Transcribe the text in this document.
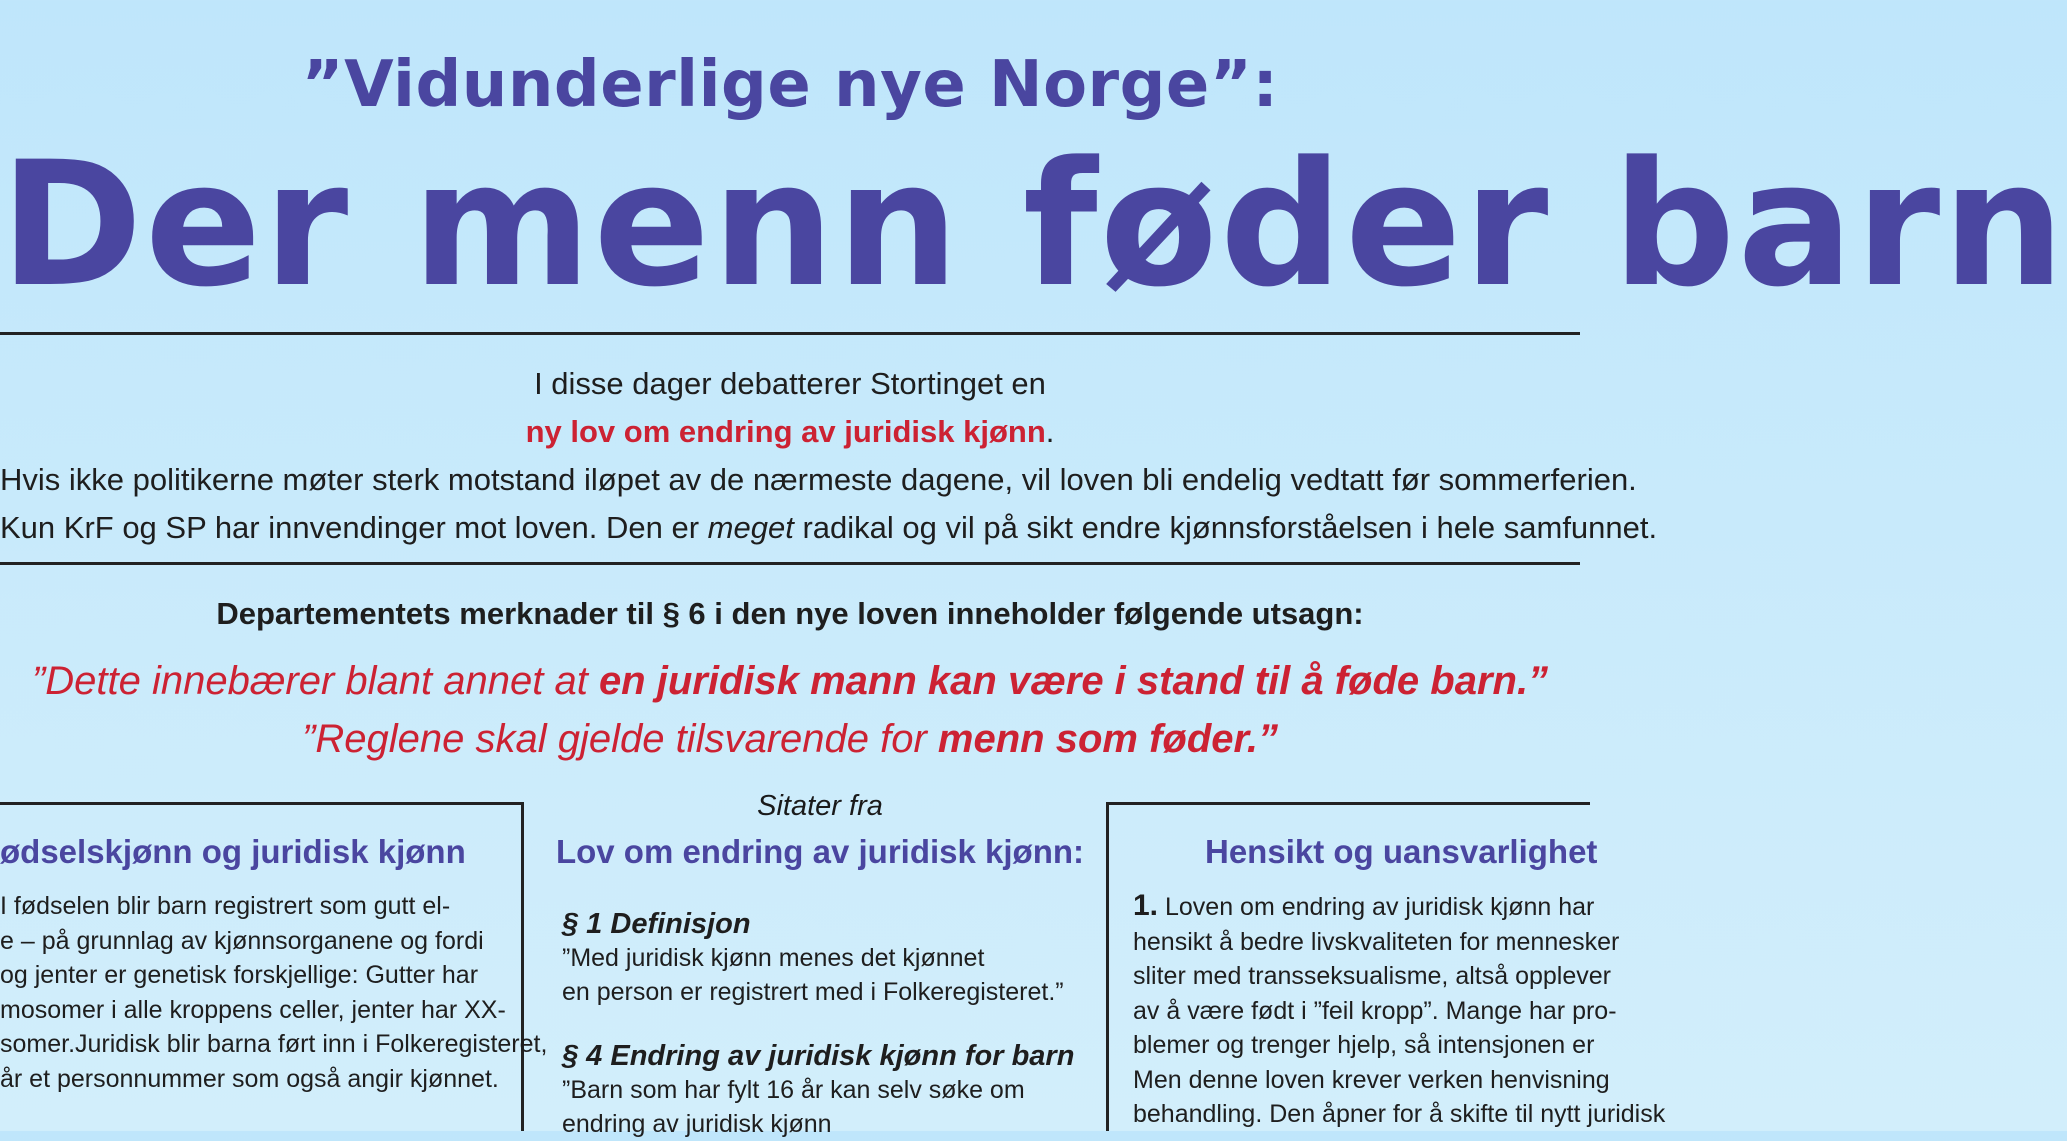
”Vidunderlige nye Norge”:
Der menn føder barn
I disse dager debatterer Stortinget en
ny lov om endring av juridisk kjønn.
Hvis ikke politikerne møter sterk motstand iløpet av de nærmeste dagene, vil loven bli endelig vedtatt før sommerferien.
Kun KrF og SP har innvendinger mot loven. Den er meget radikal og vil på sikt endre kjønnsforståelsen i hele samfunnet.
Departementets merknader til § 6 i den nye loven inneholder følgende utsagn:
”Dette innebærer blant annet at en juridisk mann kan være i stand til å føde barn.”
”Reglene skal gjelde tilsvarende for menn som føder.”
ødselskjønn og juridisk kjønn
I fødselen blir barn registrert som gutt el-
e – på grunnlag av kjønnsorganene og fordi
og jenter er genetisk forskjellige: Gutter har
mosomer i alle kroppens celler, jenter har XX-
somer.Juridisk blir barna ført inn i Folkeregisteret,
år et personnummer som også angir kjønnet.
Sitater fra
Lov om endring av juridisk kjønn:
§ 1 Definisjon
”Med juridisk kjønn menes det kjønnet
en person er registrert med i Folkeregisteret.”
§ 4 Endring av juridisk kjønn for barn
”Barn som har fylt 16 år kan selv søke om
endring av juridisk kjønn
Hensikt og uansvarlighet
1. Loven om endring av juridisk kjønn har
hensikt å bedre livskvaliteten for mennesker
sliter med transseksualisme, altså opplever
av å være født i ”feil kropp”. Mange har pro-
blemer og trenger hjelp, så intensjonen er
Men denne loven krever verken henvisning
behandling. Den åpner for å skifte til nytt juridisk
